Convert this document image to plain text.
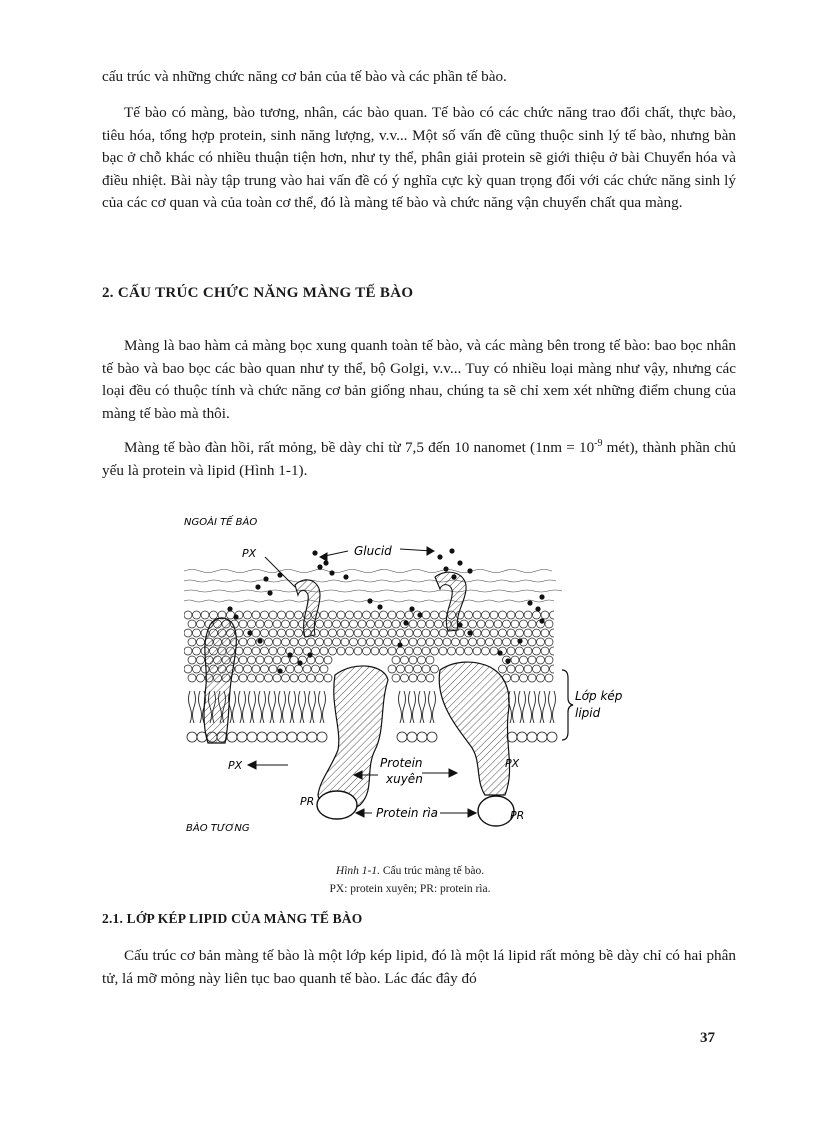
cấu trúc và những chức năng cơ bản của tế bào và các phần tế bào.

Tế bào có màng, bào tương, nhân, các bào quan. Tế bào có các chức năng trao đổi chất, thực bào, tiêu hóa, tổng hợp protein, sinh năng lượng, v.v... Một số vấn đề cũng thuộc sinh lý tế bào, nhưng bàn bạc ở chỗ khác có nhiều thuận tiện hơn, như ty thể, phân giải protein sẽ giới thiệu ở bài Chuyển hóa và điều nhiệt. Bài này tập trung vào hai vấn đề có ý nghĩa cực kỳ quan trọng đối với các chức năng sinh lý của các cơ quan và của toàn cơ thể, đó là màng tế bào và chức năng vận chuyển chất qua màng.

2. CẤU TRÚC CHỨC NĂNG MÀNG TẾ BÀO

Màng là bao hàm cả màng bọc xung quanh toàn tế bào, và các màng bên trong tế bào: bao bọc nhân tế bào và bao bọc các bào quan như ty thể, bộ Golgi, v.v... Tuy có nhiều loại màng như vậy, nhưng các loại đều có thuộc tính và chức năng cơ bản giống nhau, chúng ta sẽ chỉ xem xét những điểm chung của màng tế bào mà thôi.

Màng tế bào đàn hồi, rất mỏng, bề dày chỉ từ 7,5 đến 10 nanomet ($1nm = 10^{-9}$ mét), thành phần chủ yếu là protein và lipid (Hình 1-1).

NGOÀI TẾ BÀO
PX	Glucid
Lớp kép
lipid
PX	Protein
xuyên
PX
PR
Protein rìa	PR
BÀO TƯƠNG

Hình 1-1. Cấu trúc màng tế bào.

PX: protein xuyên; PR: protein rìa.

2.1. LỚP KÉP LIPID CỦA MÀNG TẾ BÀO

Cấu trúc cơ bản màng tế bào là một lớp kép lipid, đó là một lá lipid rất mỏng bề dày chỉ có hai phân tử, lá mỡ mỏng này liên tục bao quanh tế bào. Lác đác đây đó

37
